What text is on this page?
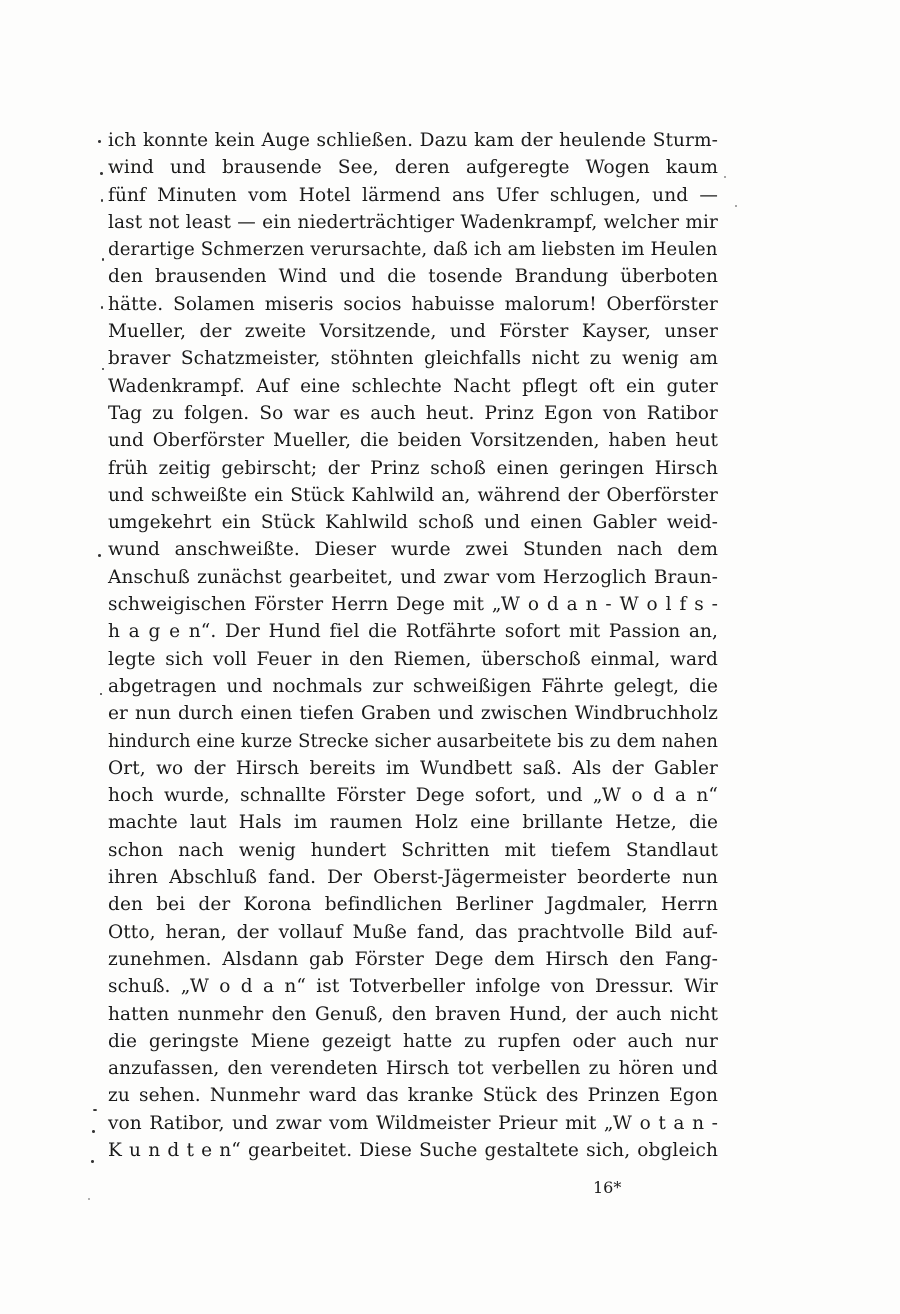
ich konnte kein Auge schließen. Dazu kam der heulende Sturm-
wind und brausende See, deren aufgeregte Wogen kaum
fünf Minuten vom Hotel lärmend ans Ufer schlugen, und —
last not least — ein niederträchtiger Wadenkrampf, welcher mir
derartige Schmerzen verursachte, daß ich am liebsten im Heulen
den brausenden Wind und die tosende Brandung überboten
hätte. Solamen miseris socios habuisse malorum! Oberförster
Mueller, der zweite Vorsitzende, und Förster Kayser, unser
braver Schatzmeister, stöhnten gleichfalls nicht zu wenig am
Wadenkrampf. Auf eine schlechte Nacht pflegt oft ein guter
Tag zu folgen. So war es auch heut. Prinz Egon von Ratibor
und Oberförster Mueller, die beiden Vorsitzenden, haben heut
früh zeitig gebirscht; der Prinz schoß einen geringen Hirsch
und schweißte ein Stück Kahlwild an, während der Oberförster
umgekehrt ein Stück Kahlwild schoß und einen Gabler weid-
wund anschweißte. Dieser wurde zwei Stunden nach dem
Anschuß zunächst gearbeitet, und zwar vom Herzoglich Braun-
schweigischen Förster Herrn Dege mit „W o d a n - W o l f s -
h a g e n“. Der Hund fiel die Rotfährte sofort mit Passion an,
legte sich voll Feuer in den Riemen, überschoß einmal, ward
abgetragen und nochmals zur schweißigen Fährte gelegt, die
er nun durch einen tiefen Graben und zwischen Windbruchholz
hindurch eine kurze Strecke sicher ausarbeitete bis zu dem nahen
Ort, wo der Hirsch bereits im Wundbett saß. Als der Gabler
hoch wurde, schnallte Förster Dege sofort, und „W o d a n“
machte laut Hals im raumen Holz eine brillante Hetze, die
schon nach wenig hundert Schritten mit tiefem Standlaut
ihren Abschluß fand. Der Oberst-Jägermeister beorderte nun
den bei der Korona befindlichen Berliner Jagdmaler, Herrn
Otto, heran, der vollauf Muße fand, das prachtvolle Bild auf-
zunehmen. Alsdann gab Förster Dege dem Hirsch den Fang-
schuß. „W o d a n“ ist Totverbeller infolge von Dressur. Wir
hatten nunmehr den Genuß, den braven Hund, der auch nicht
die geringste Miene gezeigt hatte zu rupfen oder auch nur
anzufassen, den verendeten Hirsch tot verbellen zu hören und
zu sehen. Nunmehr ward das kranke Stück des Prinzen Egon
von Ratibor, und zwar vom Wildmeister Prieur mit „W o t a n -
K u n d t e n“ gearbeitet. Diese Suche gestaltete sich, obgleich
16*
